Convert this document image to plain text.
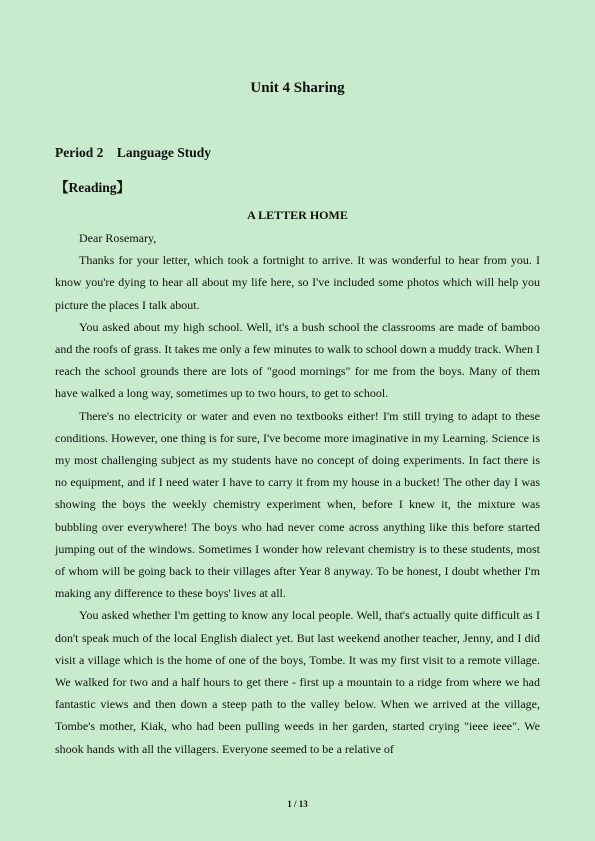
Unit 4 Sharing
Period 2    Language Study
【Reading】
A LETTER HOME

Dear Rosemary,

Thanks for your letter, which took a fortnight to arrive. It was wonderful to hear from you. I know you're dying to hear all about my life here, so I've included some photos which will help you picture the places I talk about.

You asked about my high school. Well, it's a bush school the classrooms are made of bamboo and the roofs of grass. It takes me only a few minutes to walk to school down a muddy track. When I reach the school grounds there are lots of "good mornings" for me from the boys. Many of them have walked a long way, sometimes up to two hours, to get to school.

There's no electricity or water and even no textbooks either! I'm still trying to adapt to these conditions. However, one thing is for sure, I've become more imaginative in my Learning. Science is my most challenging subject as my students have no concept of doing experiments. In fact there is no equipment, and if I need water I have to carry it from my house in a bucket! The other day I was showing the boys the weekly chemistry experiment when, before I knew it, the mixture was bubbling over everywhere! The boys who had never come across anything like this before started jumping out of the windows. Sometimes I wonder how relevant chemistry is to these students, most of whom will be going back to their villages after Year 8 anyway. To be honest, I doubt whether I'm making any difference to these boys' lives at all.

You asked whether I'm getting to know any local people. Well, that's actually quite difficult as I don't speak much of the local English dialect yet. But last weekend another teacher, Jenny, and I did visit a village which is the home of one of the boys, Tombe. It was my first visit to a remote village. We walked for two and a half hours to get there - first up a mountain to a ridge from where we had fantastic views and then down a steep path to the valley below. When we arrived at the village, Tombe's mother, Kiak, who had been pulling weeds in her garden, started crying "ieee ieee". We shook hands with all the villagers. Everyone seemed to be a relative of

1 / 13
